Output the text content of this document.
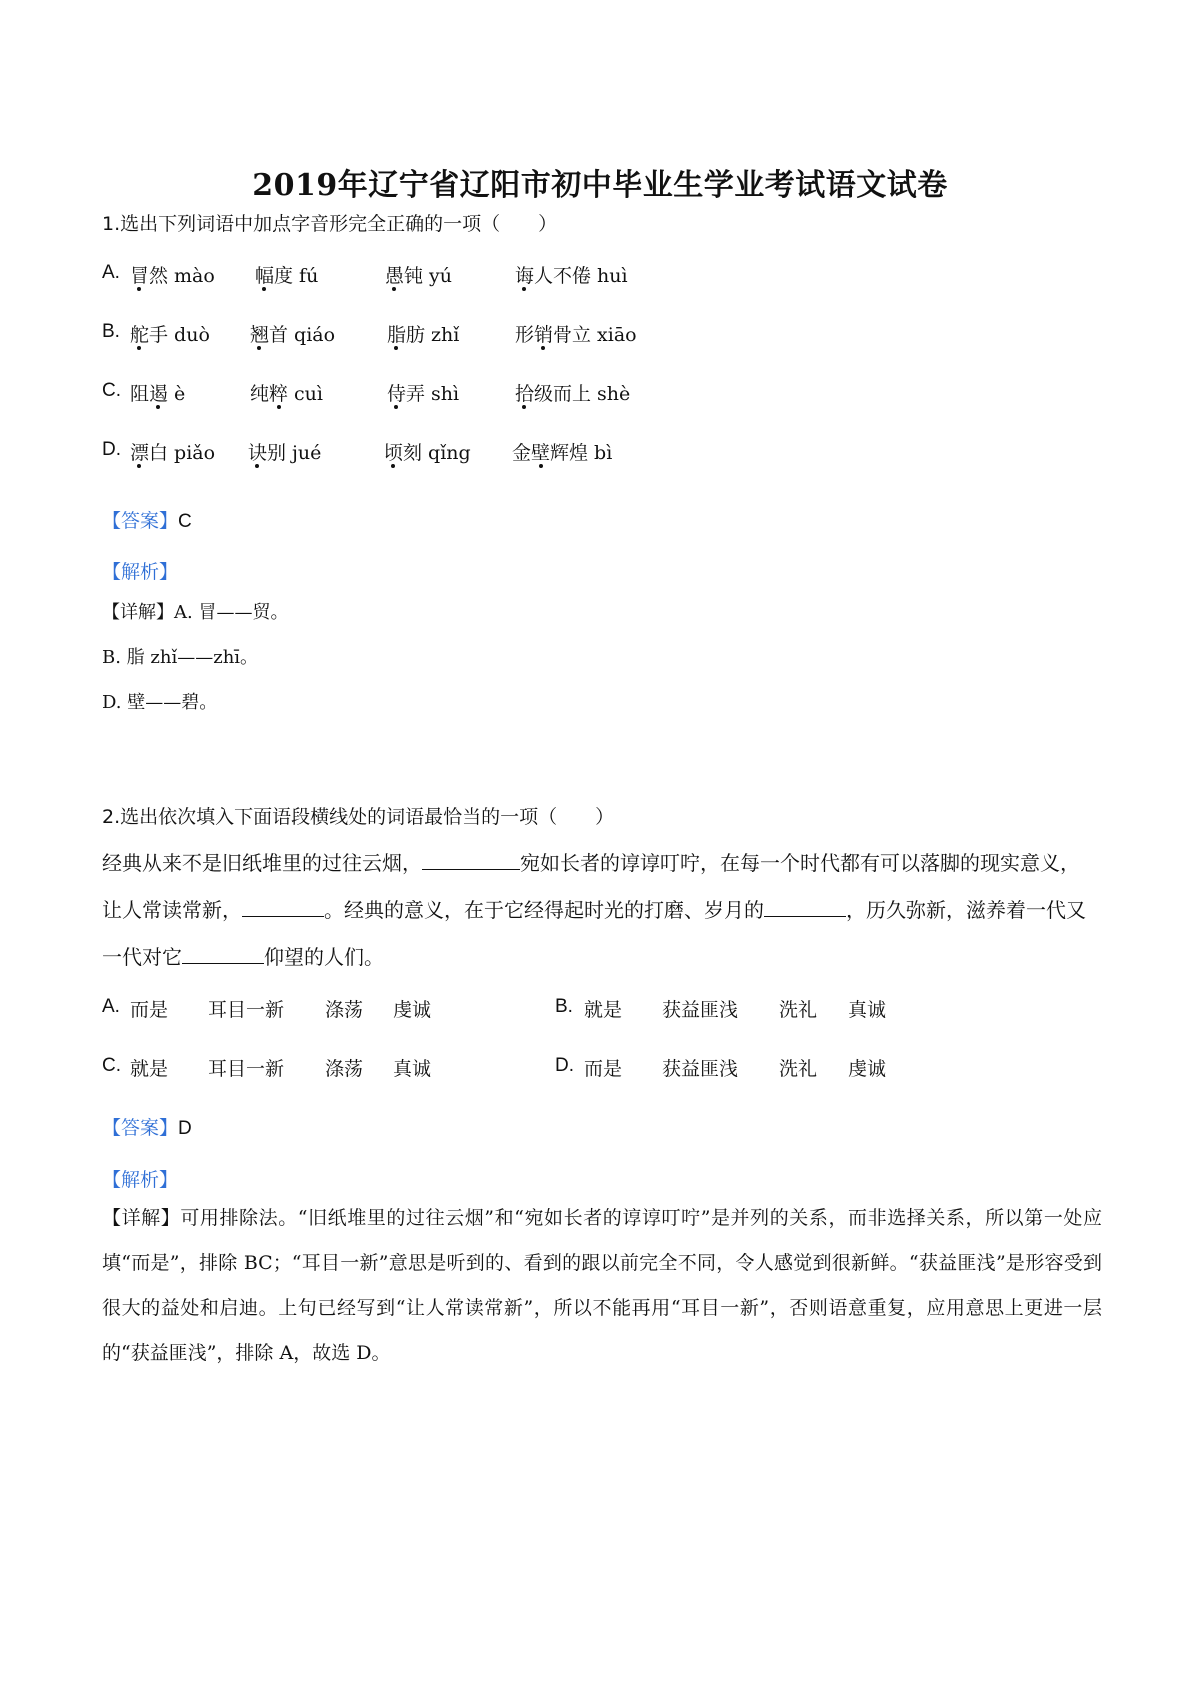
2019年辽宁省辽阳市初中毕业生学业考试语文试卷
1.选出下列词语中加点字音形完全正确的一项（　　）
A. 冒然 mào 幅度 fú	愚钝 yú	诲人不倦 huì
B. 舵手 duò 翘首 qiáo	脂肪 zhǐ	形销骨立 xiāo
C. 阻遏 è	纯粹 cuì	侍弄 shì	拾级而上 shè
D. 漂白 piǎo 诀别 jué	顷刻 qǐng 金壁辉煌 bì
【答案】C
【解析】
【详解】A. 冒——贸。
B. 脂 zhǐ——zhī。
D. 壁——碧。
2.选出依次填入下面语段横线处的词语最恰当的一项（　　）
经典从来不是旧纸堆里的过往云烟，	宛如长者的谆谆叮咛，在每一个时代都有可以落脚的现实意义，让人常读常新，	。经典的意义，在于它经得起时光的打磨、岁月的	，历久弥新，滋养着一代又一代对它	仰望的人们。
A. 而是 耳目一新 涤荡 虔诚	B. 就是 获益匪浅 洗礼 真诚
C. 就是 耳目一新 涤荡 真诚	D. 而是 获益匪浅 洗礼 虔诚
【答案】D
【解析】
【详解】可用排除法。“旧纸堆里的过往云烟”和“宛如长者的谆谆叮咛”是并列的关系，而非选择关系，所以第一处应填“而是”，排除 BC；“耳目一新”意思是听到的、看到的跟以前完全不同，令人感觉到很新鲜。“获益匪浅”是形容受到很大的益处和启迪。上句已经写到“让人常读常新”，所以不能再用“耳目一新”，否则语意重复，应用意思上更进一层的“获益匪浅”，排除 A，故选 D。
